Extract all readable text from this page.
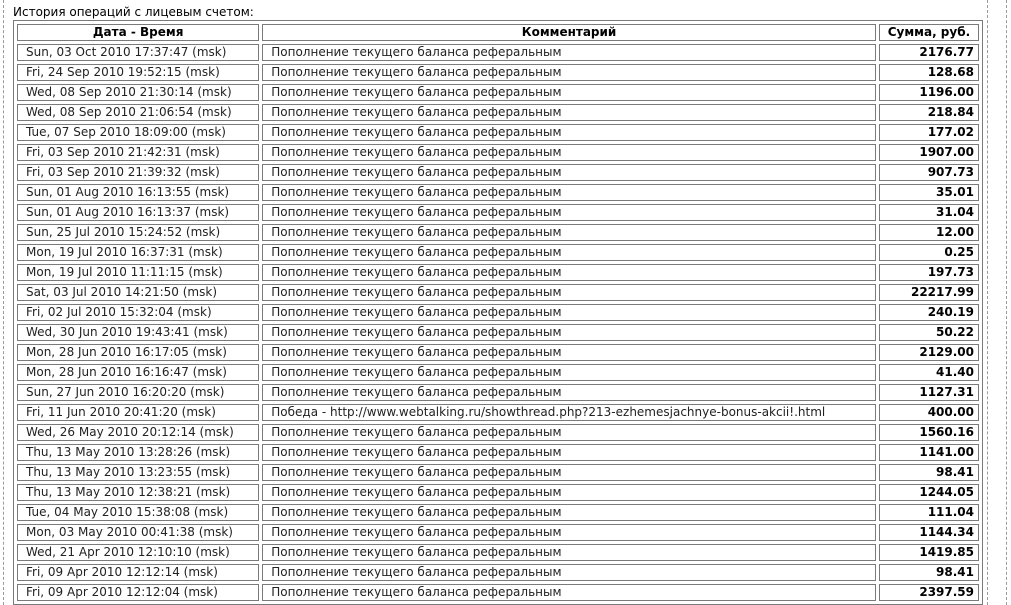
История операций с лицевым счетом:
Дата - Время	Комментарий	Сумма, руб.
Sun, 03 Oct 2010 17:37:47 (msk)	Пополнение текущего баланса реферальным	2176.77
Fri, 24 Sep 2010 19:52:15 (msk)	Пополнение текущего баланса реферальным	128.68
Wed, 08 Sep 2010 21:30:14 (msk)	Пополнение текущего баланса реферальным	1196.00
Wed, 08 Sep 2010 21:06:54 (msk)	Пополнение текущего баланса реферальным	218.84
Tue, 07 Sep 2010 18:09:00 (msk)	Пополнение текущего баланса реферальным	177.02
Fri, 03 Sep 2010 21:42:31 (msk)	Пополнение текущего баланса реферальным	1907.00
Fri, 03 Sep 2010 21:39:32 (msk)	Пополнение текущего баланса реферальным	907.73
Sun, 01 Aug 2010 16:13:55 (msk)	Пополнение текущего баланса реферальным	35.01
Sun, 01 Aug 2010 16:13:37 (msk)	Пополнение текущего баланса реферальным	31.04
Sun, 25 Jul 2010 15:24:52 (msk)	Пополнение текущего баланса реферальным	12.00
Mon, 19 Jul 2010 16:37:31 (msk)	Пополнение текущего баланса реферальным	0.25
Mon, 19 Jul 2010 11:11:15 (msk)	Пополнение текущего баланса реферальным	197.73
Sat, 03 Jul 2010 14:21:50 (msk)	Пополнение текущего баланса реферальным	22217.99
Fri, 02 Jul 2010 15:32:04 (msk)	Пополнение текущего баланса реферальным	240.19
Wed, 30 Jun 2010 19:43:41 (msk)	Пополнение текущего баланса реферальным	50.22
Mon, 28 Jun 2010 16:17:05 (msk)	Пополнение текущего баланса реферальным	2129.00
Mon, 28 Jun 2010 16:16:47 (msk)	Пополнение текущего баланса реферальным	41.40
Sun, 27 Jun 2010 16:20:20 (msk)	Пополнение текущего баланса реферальным	1127.31
Fri, 11 Jun 2010 20:41:20 (msk)	Победа - http://www.webtalking.ru/showthread.php?213-ezhemesjachnye-bonus-akcii!.html	400.00
Wed, 26 May 2010 20:12:14 (msk)	Пополнение текущего баланса реферальным	1560.16
Thu, 13 May 2010 13:28:26 (msk)	Пополнение текущего баланса реферальным	1141.00
Thu, 13 May 2010 13:23:55 (msk)	Пополнение текущего баланса реферальным	98.41
Thu, 13 May 2010 12:38:21 (msk)	Пополнение текущего баланса реферальным	1244.05
Tue, 04 May 2010 15:38:08 (msk)	Пополнение текущего баланса реферальным	111.04
Mon, 03 May 2010 00:41:38 (msk)	Пополнение текущего баланса реферальным	1144.34
Wed, 21 Apr 2010 12:10:10 (msk)	Пополнение текущего баланса реферальным	1419.85
Fri, 09 Apr 2010 12:12:14 (msk)	Пополнение текущего баланса реферальным	98.41
Fri, 09 Apr 2010 12:12:04 (msk)	Пополнение текущего баланса реферальным	2397.59
